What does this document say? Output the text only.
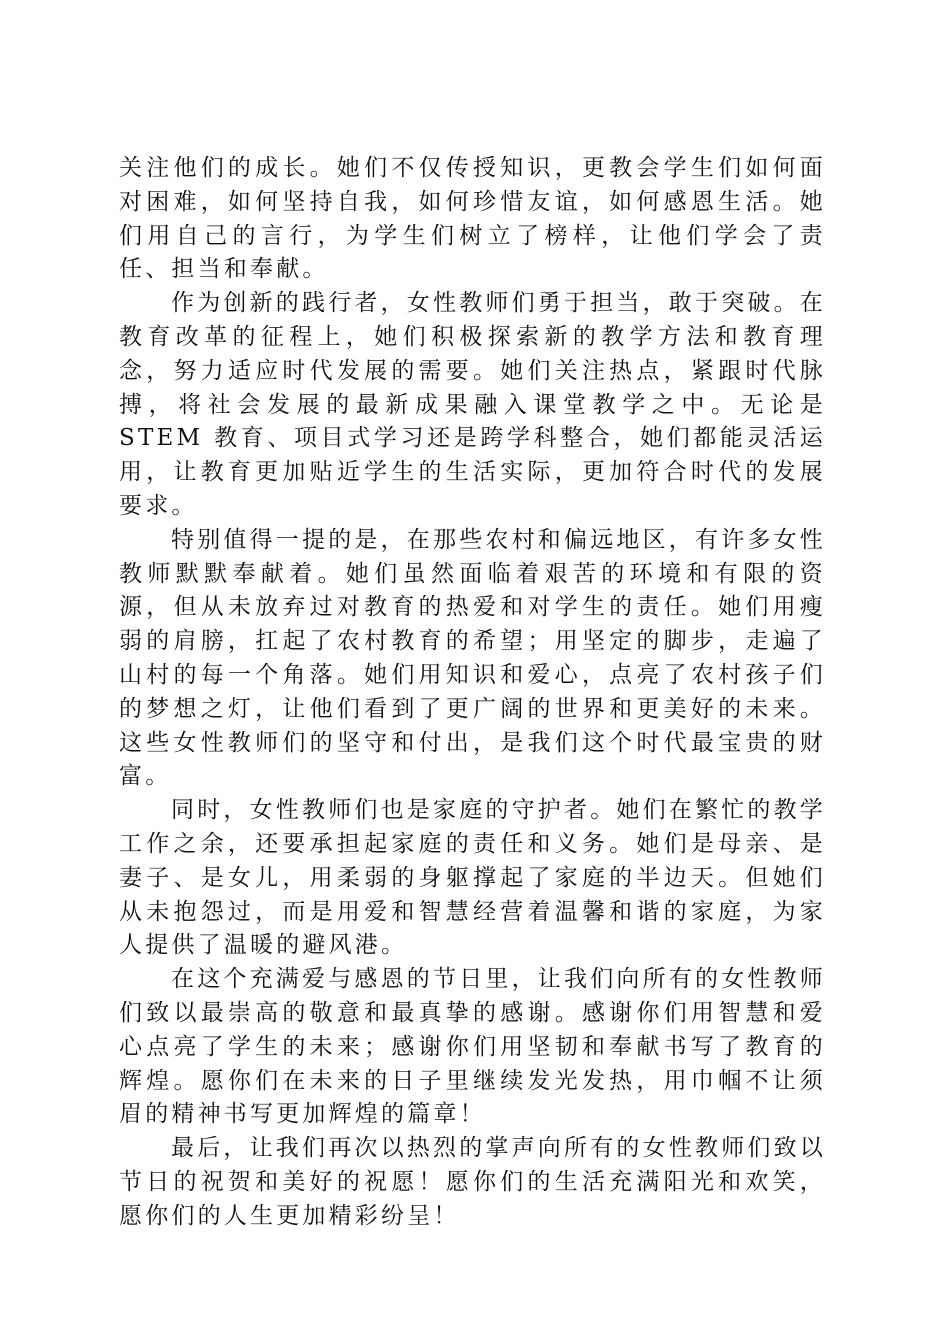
关注他们的成长。她们不仅传授知识，更教会学生们如何面对困难，如何坚持自我，如何珍惜友谊，如何感恩生活。她们用自己的言行，为学生们树立了榜样，让他们学会了责任、担当和奉献。

作为创新的践行者，女性教师们勇于担当，敢于突破。在教育改革的征程上，她们积极探索新的教学方法和教育理念，努力适应时代发展的需要。她们关注热点，紧跟时代脉搏，将社会发展的最新成果融入课堂教学之中。无论是 STEM 教育、项目式学习还是跨学科整合，她们都能灵活运用，让教育更加贴近学生的生活实际，更加符合时代的发展要求。

特别值得一提的是，在那些农村和偏远地区，有许多女性教师默默奉献着。她们虽然面临着艰苦的环境和有限的资源，但从未放弃过对教育的热爱和对学生的责任。她们用瘦弱的肩膀，扛起了农村教育的希望；用坚定的脚步，走遍了山村的每一个角落。她们用知识和爱心，点亮了农村孩子们的梦想之灯，让他们看到了更广阔的世界和更美好的未来。这些女性教师们的坚守和付出，是我们这个时代最宝贵的财富。

同时，女性教师们也是家庭的守护者。她们在繁忙的教学工作之余，还要承担起家庭的责任和义务。她们是母亲、是妻子、是女儿，用柔弱的身躯撑起了家庭的半边天。但她们从未抱怨过，而是用爱和智慧经营着温馨和谐的家庭，为家人提供了温暖的避风港。

在这个充满爱与感恩的节日里，让我们向所有的女性教师们致以最崇高的敬意和最真挚的感谢。感谢你们用智慧和爱心点亮了学生的未来；感谢你们用坚韧和奉献书写了教育的辉煌。愿你们在未来的日子里继续发光发热，用巾帼不让须眉的精神书写更加辉煌的篇章！

最后，让我们再次以热烈的掌声向所有的女性教师们致以节日的祝贺和美好的祝愿！愿你们的生活充满阳光和欢笑，愿你们的人生更加精彩纷呈！
